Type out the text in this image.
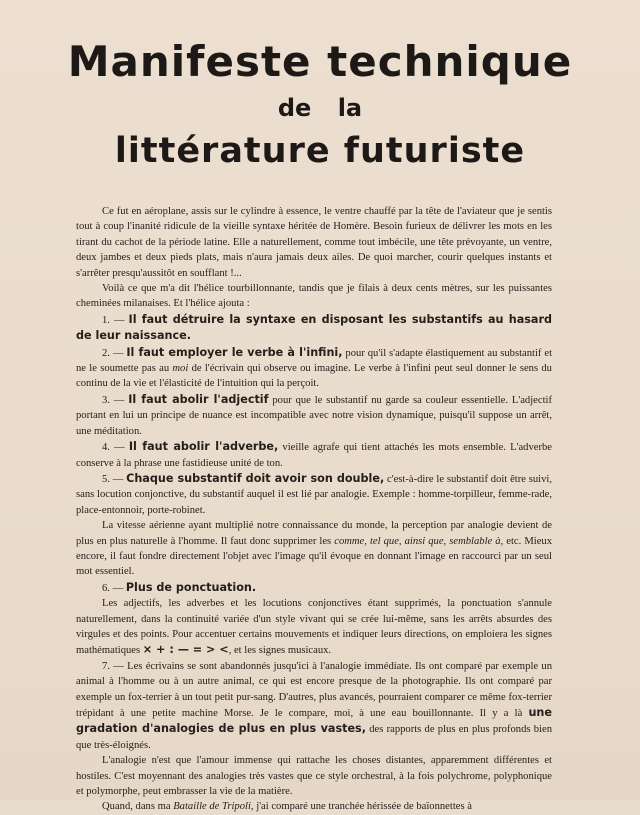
Manifeste technique
de la
littérature futuriste

Ce fut en aéroplane, assis sur le cylindre à essence, le ventre chauffé par la tête de l'aviateur que je sentis tout à coup l'inanité ridicule de la vieille syntaxe héritée de Homère. Besoin furieux de délivrer les mots en les tirant du cachot de la période latine. Elle a naturellement, comme tout imbécile, une tête prévoyante, un ventre, deux jambes et deux pieds plats, mais n'aura jamais deux ailes. De quoi marcher, courir quelques instants et s'arrêter presqu'aussitôt en soufflant !...

Voilà ce que m'a dit l'hélice tourbillonnante, tandis que je filais à deux cents mètres, sur les puissantes cheminées milanaises. Et l'hélice ajouta :

1. — Il faut détruire la syntaxe en disposant les substantifs au hasard de leur naissance.

2. — Il faut employer le verbe à l'infini, pour qu'il s'adapte élastiquement au substantif et ne le soumette pas au moi de l'écrivain qui observe ou imagine. Le verbe à l'infini peut seul donner le sens du continu de la vie et l'élasticité de l'intuition qui la perçoit.

3. — Il faut abolir l'adjectif pour que le substantif nu garde sa couleur essentielle. L'adjectif portant en lui un principe de nuance est incompatible avec notre vision dynamique, puisqu'il suppose un arrêt, une méditation.

4. — Il faut abolir l'adverbe, vieille agrafe qui tient attachés les mots ensemble. L'adverbe conserve à la phrase une fastidieuse unité de ton.

5. — Chaque substantif doit avoir son double, c'est-à-dire le substantif doit être suivi, sans locution conjonctive, du substantif auquel il est lié par analogie. Exemple : homme-torpilleur, femme-rade, place-entonnoir, porte-robinet.

La vitesse aérienne ayant multiplié notre connaissance du monde, la perception par analogie devient de plus en plus naturelle à l'homme. Il faut donc supprimer les comme, tel que, ainsi que, semblable à, etc. Mieux encore, il faut fondre directement l'objet avec l'image qu'il évoque en donnant l'image en raccourci par un seul mot essentiel.

6. — Plus de ponctuation.

Les adjectifs, les adverbes et les locutions conjonctives étant supprimés, la ponctuation s'annule naturellement, dans la continuité variée d'un style vivant qui se crée lui-même, sans les arrêts absurdes des virgules et des points. Pour accentuer certains mouvements et indiquer leurs directions, on emploiera les signes mathématiques × + : — = > <, et les signes musicaux.

7. — Les écrivains se sont abandonnés jusqu'ici à l'analogie immédiate. Ils ont comparé par exemple un animal à l'homme ou à un autre animal, ce qui est encore presque de la photographie. Ils ont comparé par exemple un fox-terrier à un tout petit pur-sang. D'autres, plus avancés, pourraient comparer ce même fox-terrier trépidant à une petite machine Morse. Je le compare, moi, à une eau bouillonnante. Il y a là une gradation d'analogies de plus en plus vastes, des rapports de plus en plus profonds bien que très-éloignés.

L'analogie n'est que l'amour immense qui rattache les choses distantes, apparemment différentes et hostiles. C'est moyennant des analogies très vastes que ce style orchestral, à la fois polychrome, polyphonique et polymorphe, peut embrasser la vie de la matière.

Quand, dans ma Bataille de Tripoli, j'ai comparé une tranchée hérissée de baïonnettes à
